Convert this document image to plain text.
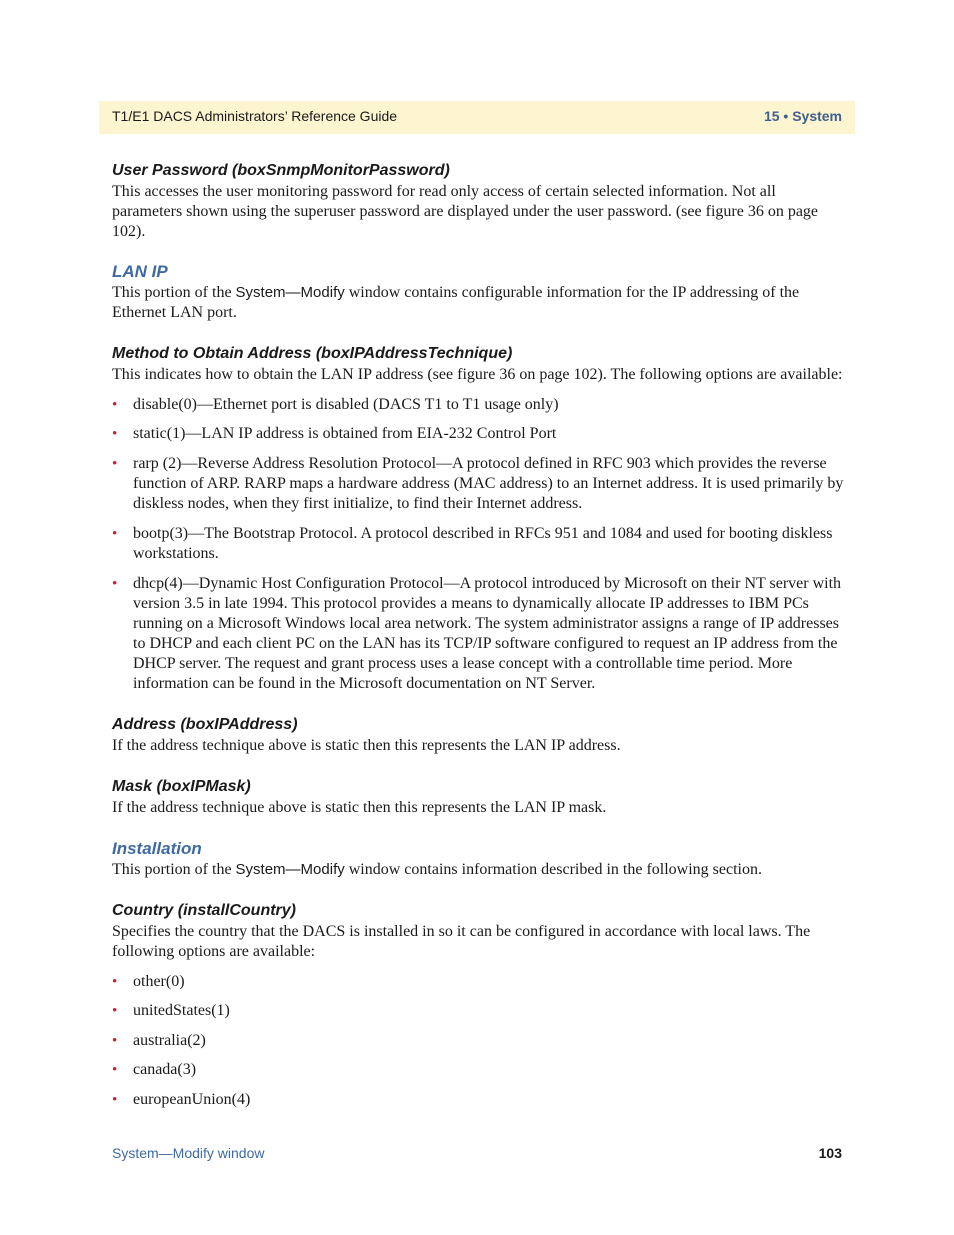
T1/E1 DACS Administrators’ Reference Guide	15 • System
User Password (boxSnmpMonitorPassword)

This accesses the user monitoring password for read only access of certain selected information. Not all parameters shown using the superuser password are displayed under the user password. (see figure 36 on page 102).

LAN IP

This portion of the System—Modify window contains configurable information for the IP addressing of the Ethernet LAN port.

Method to Obtain Address (boxIPAddressTechnique)

This indicates how to obtain the LAN IP address (see figure 36 on page 102). The following options are available:

• disable(0)—Ethernet port is disabled (DACS T1 to T1 usage only)
• static(1)—LAN IP address is obtained from EIA-232 Control Port
• rarp (2)—Reverse Address Resolution Protocol—A protocol defined in RFC 903 which provides the reverse function of ARP. RARP maps a hardware address (MAC address) to an Internet address. It is used primarily by diskless nodes, when they first initialize, to find their Internet address.
• bootp(3)—The Bootstrap Protocol. A protocol described in RFCs 951 and 1084 and used for booting diskless workstations.
• dhcp(4)—Dynamic Host Configuration Protocol—A protocol introduced by Microsoft on their NT server with version 3.5 in late 1994. This protocol provides a means to dynamically allocate IP addresses to IBM PCs running on a Microsoft Windows local area network. The system administrator assigns a range of IP addresses to DHCP and each client PC on the LAN has its TCP/IP software configured to request an IP address from the DHCP server. The request and grant process uses a lease concept with a controllable time period. More information can be found in the Microsoft documentation on NT Server.
Address (boxIPAddress)

If the address technique above is static then this represents the LAN IP address.

Mask (boxIPMask)

If the address technique above is static then this represents the LAN IP mask.

Installation

This portion of the System—Modify window contains information described in the following section.

Country (installCountry)

Specifies the country that the DACS is installed in so it can be configured in accordance with local laws. The following options are available:

• other(0)
• unitedStates(1)
• australia(2)
• canada(3)
• europeanUnion(4)
System—Modify window	103
